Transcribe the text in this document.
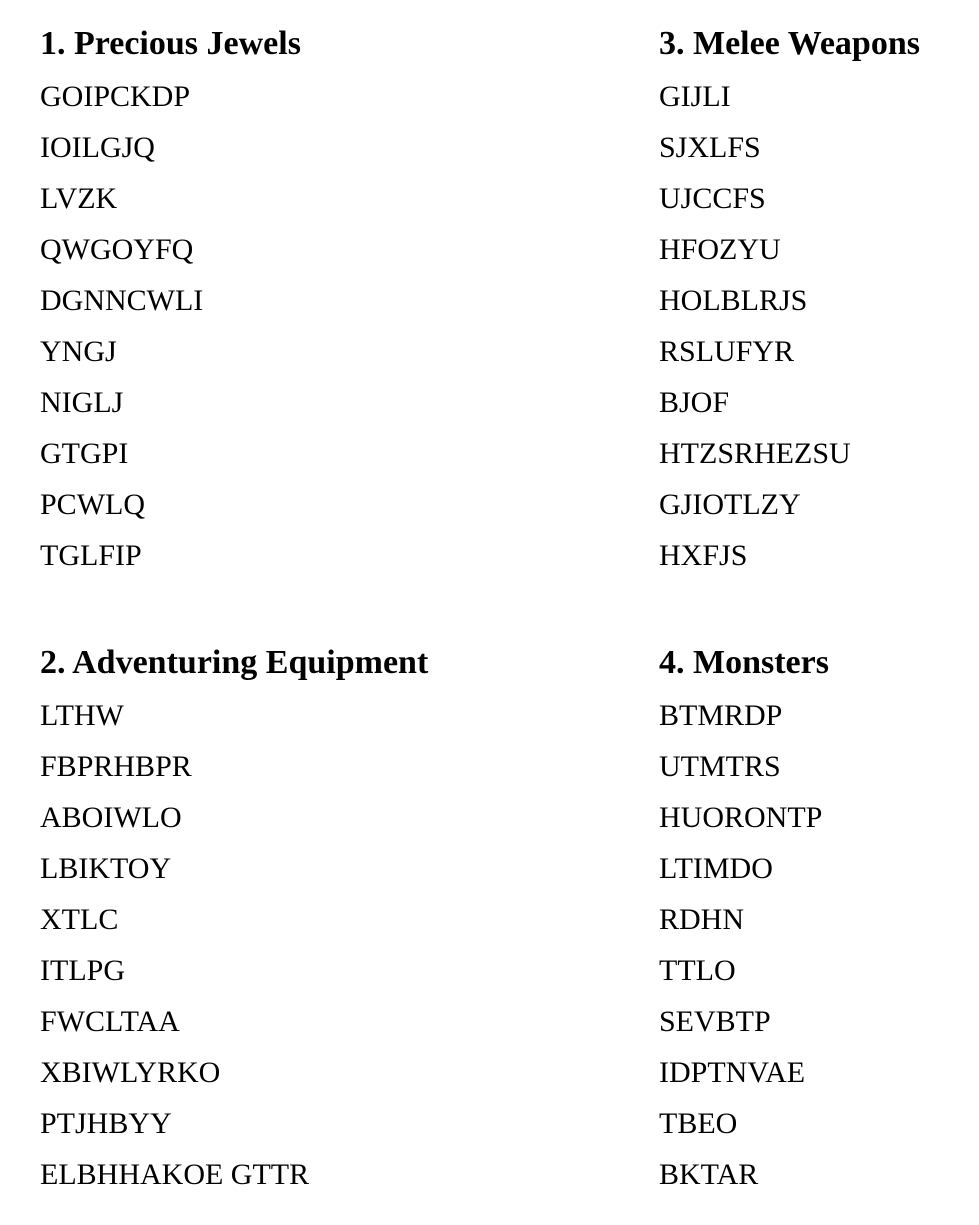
1. Precious Jewels
GOIPCKDP
IOILGJQ
LVZK
QWGOYFQ
DGNNCWLI
YNGJ
NIGLJ
GTGPI
PCWLQ
TGLFIP
3. Melee Weapons
GIJLI
SJXLFS
UJCCFS
HFOZYU
HOLBLRJS
RSLUFYR
BJOF
HTZSRHEZSU
GJIOTLZY
HXFJS
2. Adventuring Equipment
LTHW
FBPRHBPR
ABOIWLO
LBIKTOY
XTLC
ITLPG
FWCLTAA
XBIWLYRKO
PTJHBYY
ELBHHAKOE GTTR
4. Monsters
BTMRDP
UTMTRS
HUORONTP
LTIMDO
RDHN
TTLO
SEVBTP
IDPTNVAE
TBEO
BKTAR
